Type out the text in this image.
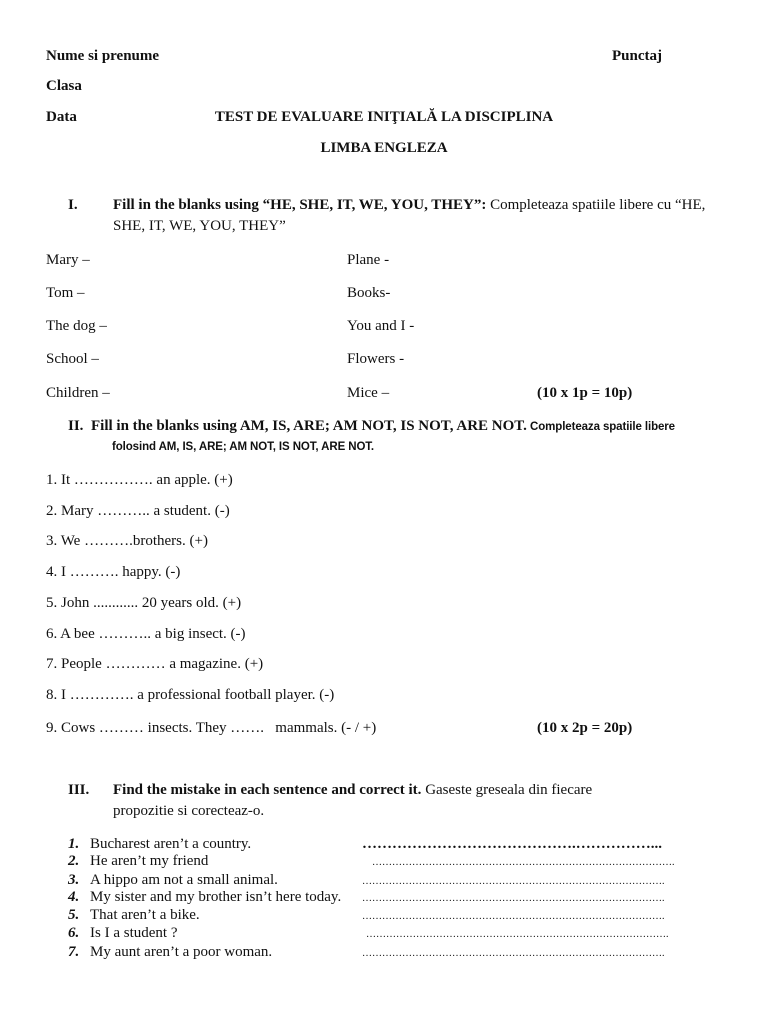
Nume si prenume	Punctaj
Clasa
Data	TEST DE EVALUARE INIŢIALĂ LA DISCIPLINA
LIMBA ENGLEZA
I. Fill in the blanks using “HE, SHE, IT, WE, YOU, THEY”: Completeaza spatiile libere cu “HE,
SHE, IT, WE, YOU, THEY”
Mary –	Plane -
Tom –	Books-
The dog –	You and I -
School –	Flowers -
Children –	Mice –	(10 x 1p = 10p)
II. Fill in the blanks using AM, IS, ARE; AM NOT, IS NOT, ARE NOT. Completeaza spatiile libere
folosind AM, IS, ARE; AM NOT, IS NOT, ARE NOT.
1. It ……………. an apple. (+)
2. Mary ……….. a student. (-)
3. We ……….brothers. (+)
4. I ………. happy. (-)
5. John ............ 20 years old. (+)
6. A bee ……….. a big insect. (-)
7. People ………… a magazine. (+)
8. I …………. a professional football player. (-)
9. Cows ……… insects. They …….   mammals. (- / +)	(10 x 2p = 20p)
III. Find the mistake in each sentence and correct it. Gaseste greseala din fiecare
propozitie si corecteaz-o.
1. Bucharest aren’t a country.	…………………………………….……………...
2. He aren’t my friend	……………………………………………………………………………….
3. A hippo am not a small animal.	……………………………………………………………………………….
4. My sister and my brother isn’t here today. ……………………………………………………………………………….
5. That aren’t a bike.	……………………………………………………………………………….
6. Is I a student ?	……………………………………………………………………………….
7. My aunt aren’t a poor woman.	……………………………………………………………………………….
